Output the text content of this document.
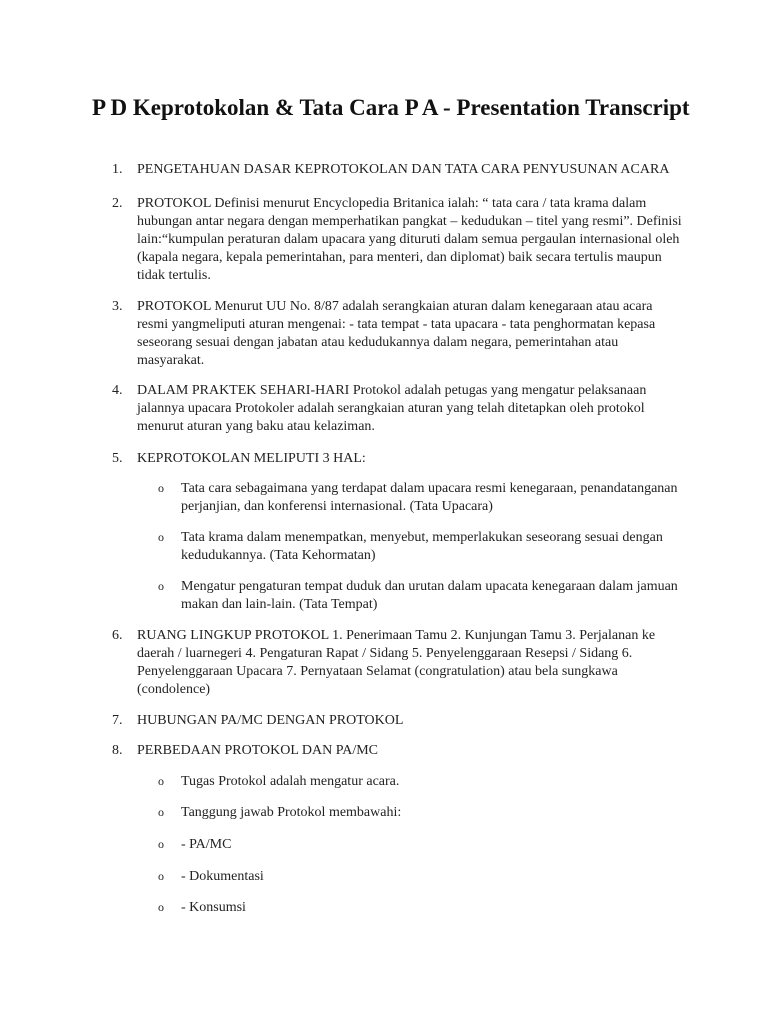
P D Keprotokolan & Tata Cara P A - Presentation Transcript
1. PENGETAHUAN DASAR KEPROTOKOLAN DAN TATA CARA PENYUSUNAN ACARA
2. PROTOKOL Definisi menurut Encyclopedia Britanica ialah: “ tata cara / tata krama dalam hubungan antar negara dengan memperhatikan pangkat – kedudukan – titel yang resmi”. Definisi lain:“kumpulan peraturan dalam upacara yang dituruti dalam semua pergaulan internasional oleh (kapala negara, kepala pemerintahan, para menteri, dan diplomat) baik secara tertulis maupun tidak tertulis.
3. PROTOKOL Menurut UU No. 8/87 adalah serangkaian aturan dalam kenegaraan atau acara resmi yangmeliputi aturan mengenai: - tata tempat - tata upacara - tata penghormatan kepasa seseorang sesuai dengan jabatan atau kedudukannya dalam negara, pemerintahan atau masyarakat.
4. DALAM PRAKTEK SEHARI-HARI Protokol adalah petugas yang mengatur pelaksanaan jalannya upacara Protokoler adalah serangkaian aturan yang telah ditetapkan oleh protokol menurut aturan yang baku atau kelaziman.
5. KEPROTOKOLAN MELIPUTI 3 HAL:
o Tata cara sebagaimana yang terdapat dalam upacara resmi kenegaraan, penandatanganan perjanjian, dan konferensi internasional. (Tata Upacara)
o Tata krama dalam menempatkan, menyebut, memperlakukan seseorang sesuai dengan kedudukannya. (Tata Kehormatan)
o Mengatur pengaturan tempat duduk dan urutan dalam upacata kenegaraan dalam jamuan makan dan lain-lain. (Tata Tempat)
6. RUANG LINGKUP PROTOKOL 1. Penerimaan Tamu 2. Kunjungan Tamu 3. Perjalanan ke daerah / luarnegeri 4. Pengaturan Rapat / Sidang 5. Penyelenggaraan Resepsi / Sidang 6. Penyelenggaraan Upacara 7. Pernyataan Selamat (congratulation) atau bela sungkawa (condolence)
7. HUBUNGAN PA/MC DENGAN PROTOKOL
8. PERBEDAAN PROTOKOL DAN PA/MC
o Tugas Protokol adalah mengatur acara.
o Tanggung jawab Protokol membawahi:
o - PA/MC
o - Dokumentasi
o - Konsumsi
